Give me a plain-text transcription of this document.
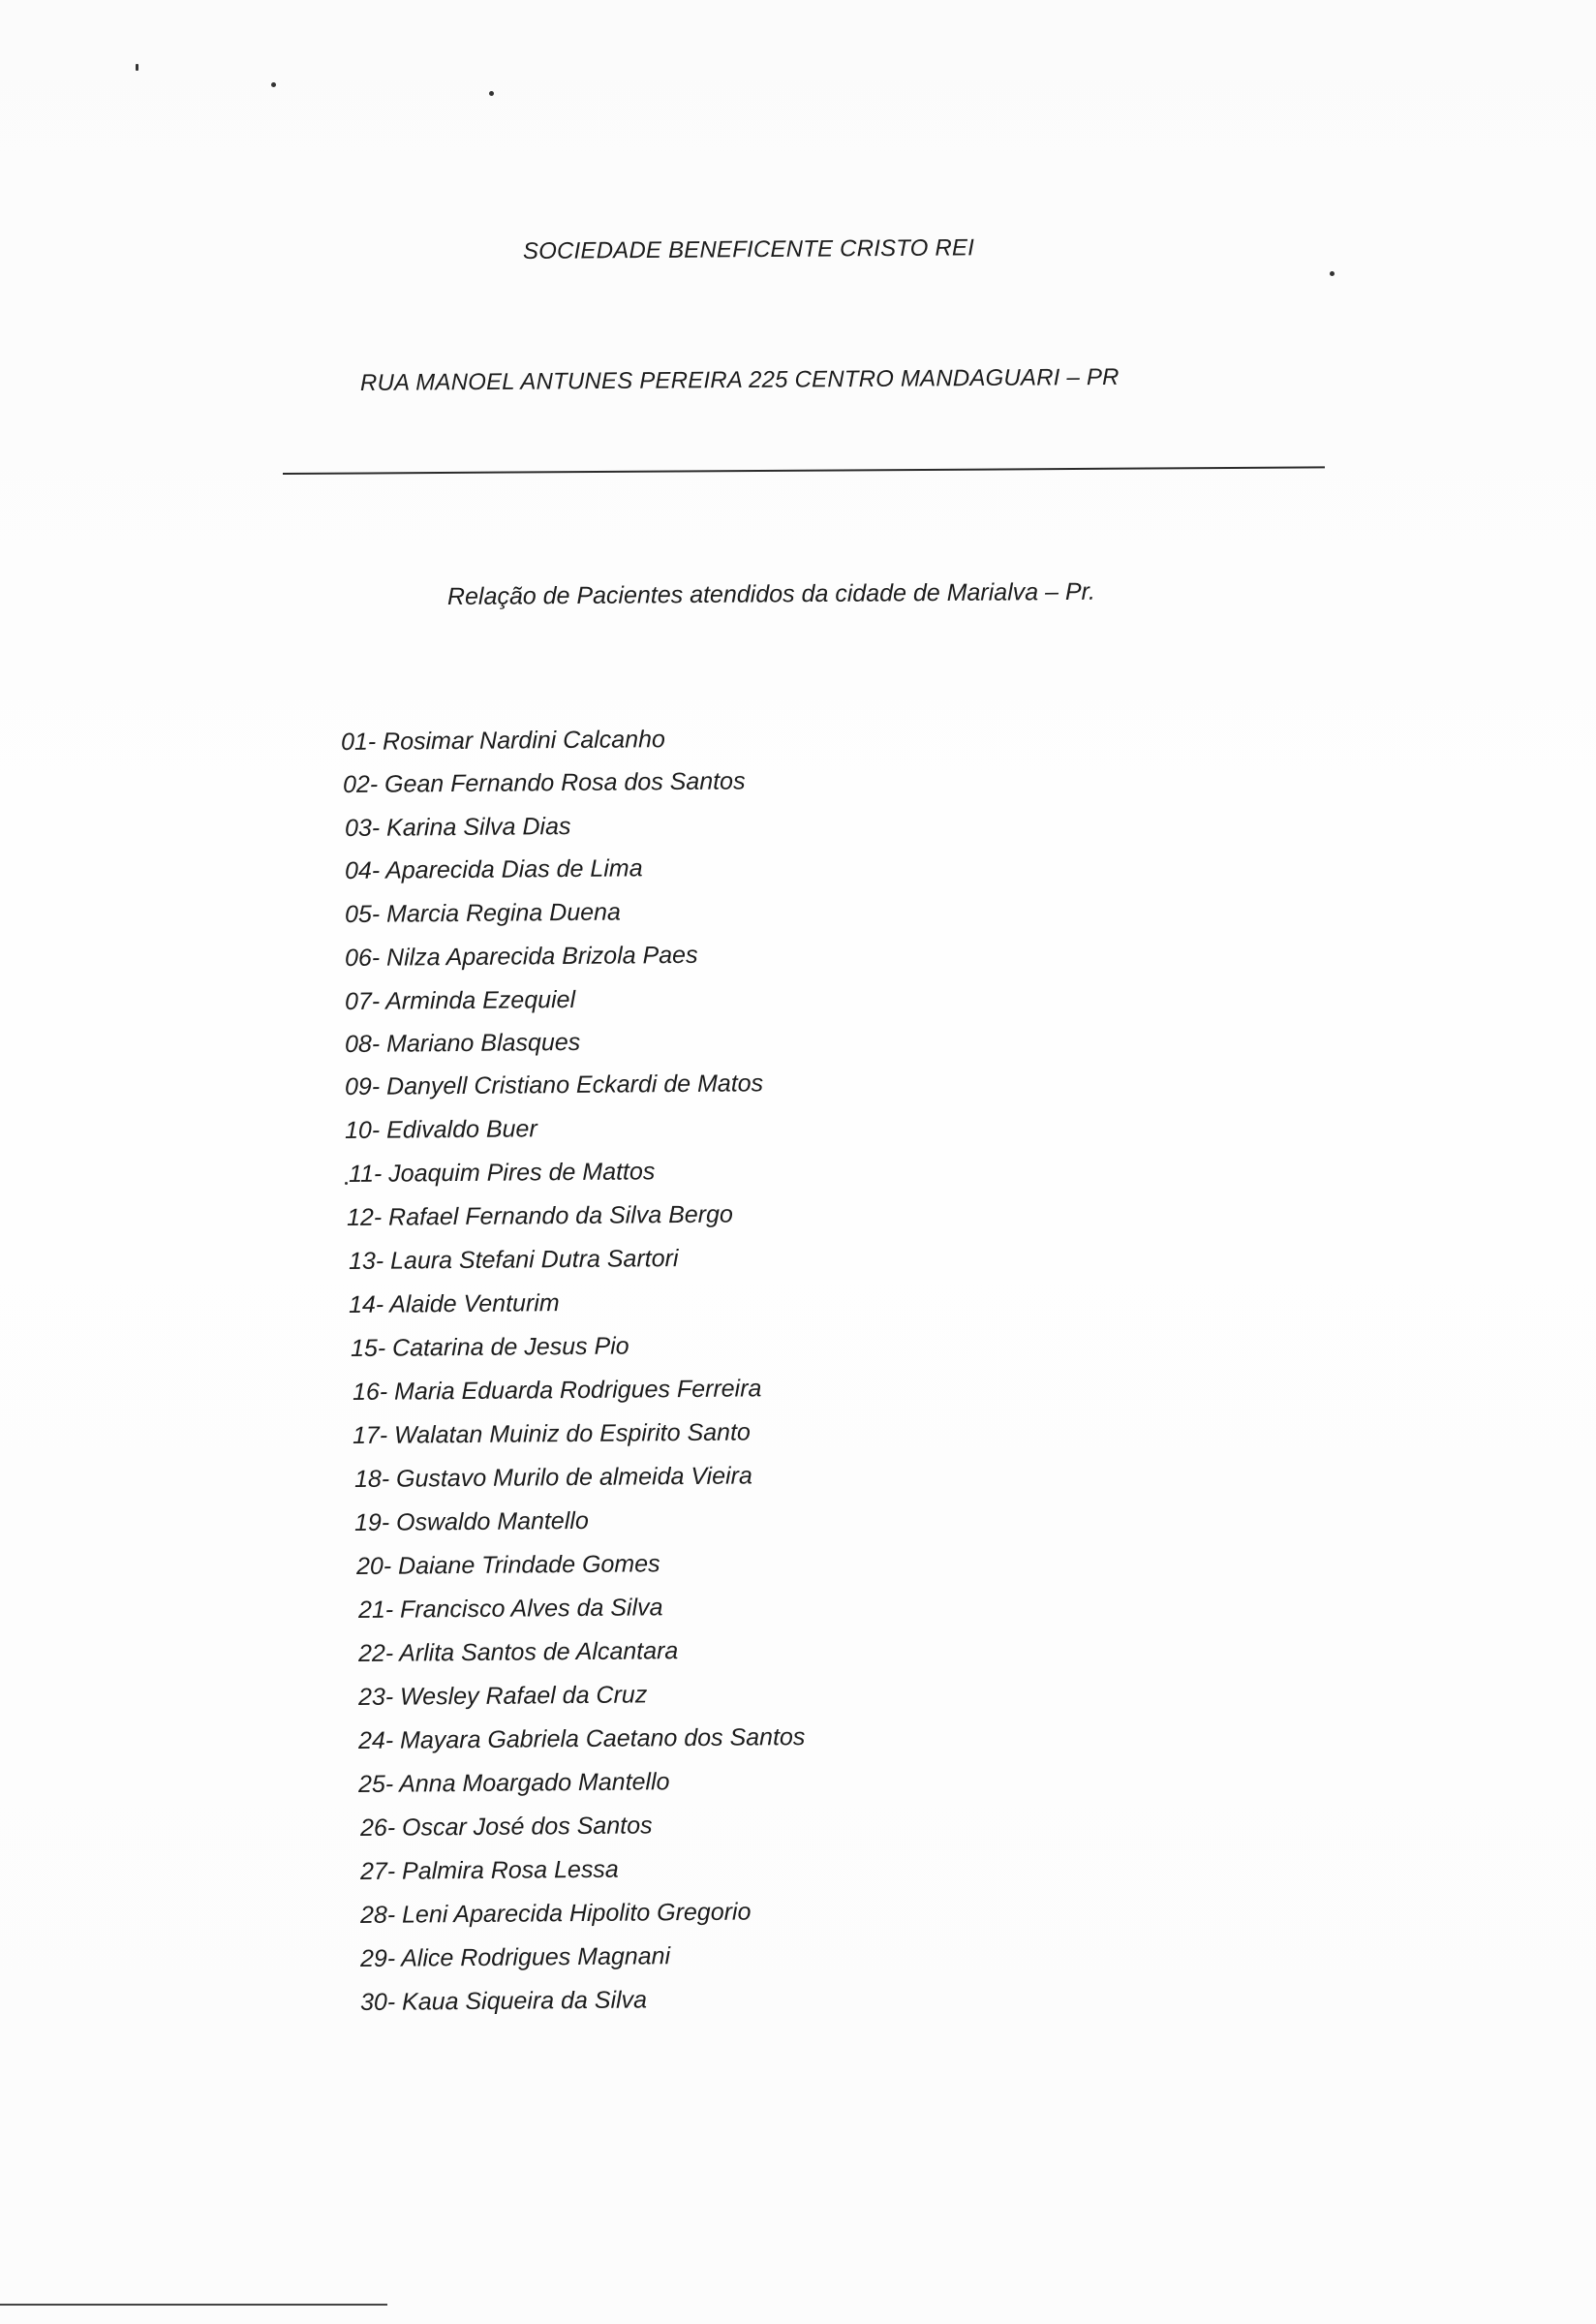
SOCIEDADE BENEFICENTE CRISTO REI
RUA MANOEL ANTUNES PEREIRA 225 CENTRO MANDAGUARI – PR
Relação de Pacientes atendidos da cidade de Marialva – Pr.
01- Rosimar Nardini Calcanho
02- Gean Fernando Rosa dos Santos
03- Karina Silva Dias
04- Aparecida Dias de Lima
05- Marcia Regina Duena
06- Nilza Aparecida Brizola Paes
07- Arminda Ezequiel
08- Mariano Blasques
09- Danyell Cristiano Eckardi de Matos
10- Edivaldo Buer
11- Joaquim Pires de Mattos
12- Rafael Fernando da Silva Bergo
13- Laura Stefani Dutra Sartori
14- Alaide Venturim
15- Catarina de Jesus Pio
16- Maria Eduarda Rodrigues Ferreira
17- Walatan Muiniz do Espirito Santo
18- Gustavo Murilo de almeida Vieira
19- Oswaldo Mantello
20- Daiane Trindade Gomes
21- Francisco Alves da Silva
22- Arlita Santos de Alcantara
23- Wesley Rafael da Cruz
24- Mayara Gabriela Caetano dos Santos
25- Anna Moargado Mantello
26- Oscar José dos Santos
27- Palmira Rosa Lessa
28- Leni Aparecida Hipolito Gregorio
29- Alice Rodrigues Magnani
30- Kaua Siqueira da Silva
